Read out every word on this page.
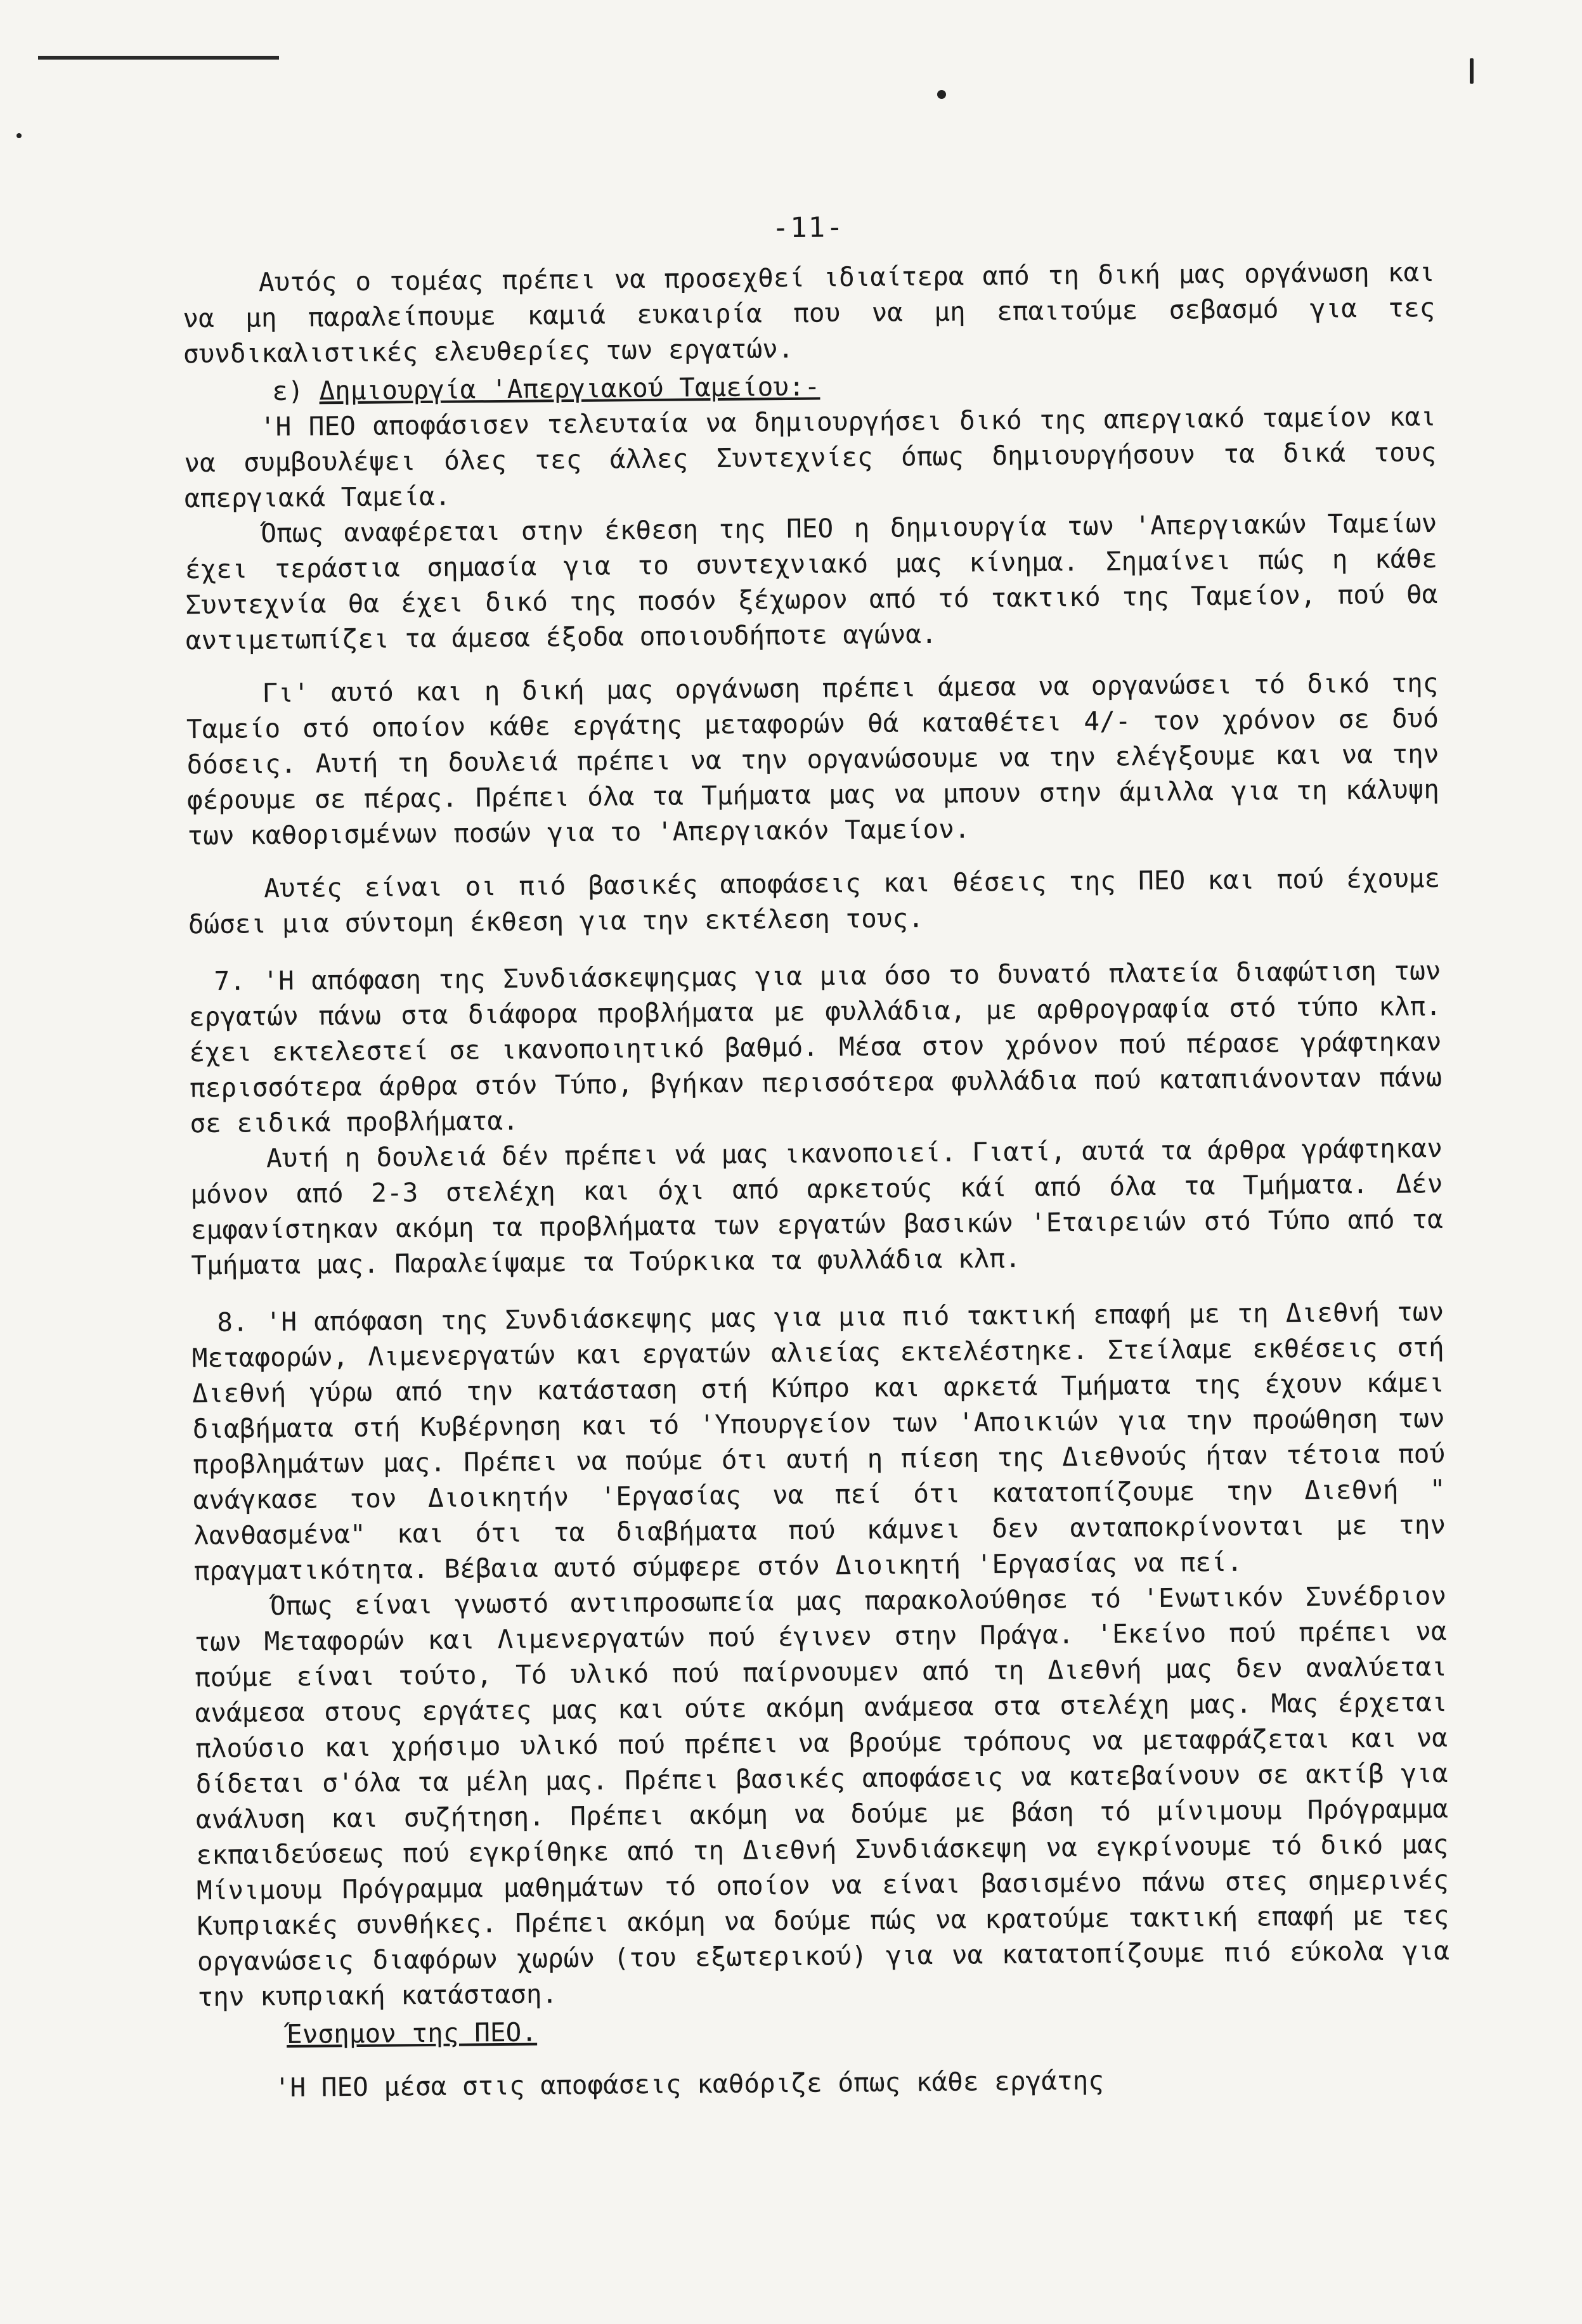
-11-

Αυτός ο τομέας πρέπει να προσεχθεί ιδιαίτερα από τη δική μας οργάνωση και να μη παραλείπουμε καμιά ευκαιρία που να μη επαιτούμε σεβασμό για τες συνδικαλιστικές ελευθερίες των εργατών.

ε) Δημιουργία 'Απεργιακού Ταμείου:-

'Η ΠΕΟ αποφάσισεν τελευταία να δημιουργήσει δικό της απεργιακό ταμείον και να συμβουλέψει όλες τες άλλες Συντεχνίες όπως δημιουργήσουν τα δικά τους απεργιακά Ταμεία.

Όπως αναφέρεται στην έκθεση της ΠΕΟ η δημιουργία των 'Απεργιακών Ταμείων έχει τεράστια σημασία για το συντεχνιακό μας κίνημα. Σημαίνει πώς η κάθε Συντεχνία θα έχει δικό της ποσόν ξέχωρον από τό τακτικό της Ταμείον, πού θα αντιμετωπίζει τα άμεσα έξοδα οποιουδήποτε αγώνα.

Γι' αυτό και η δική μας οργάνωση πρέπει άμεσα να οργανώσει τό δικό της Ταμείο στό οποίον κάθε εργάτης μεταφορών θά καταθέτει 4/- τον χρόνον σε δυό δόσεις. Αυτή τη δουλειά πρέπει να την οργανώσουμε να την ελέγξουμε και να την φέρουμε σε πέρας. Πρέπει όλα τα Τμήματα μας να μπουν στην άμιλλα για τη κάλυψη των καθορισμένων ποσών για το 'Απεργιακόν Ταμείον.

Αυτές είναι οι πιό βασικές αποφάσεις και θέσεις της ΠΕΟ και πού έχουμε δώσει μια σύντομη έκθεση για την εκτέλεση τους.

7. 'Η απόφαση της Συνδιάσκεψηςμας για μια όσο το δυνατό πλατεία διαφώτιση των εργατών πάνω στα διάφορα προβλήματα με φυλλάδια, με αρθρογραφία στό τύπο κλπ. έχει εκτελεστεί σε ικανοποιητικό βαθμό. Μέσα στον χρόνον πού πέρασε γράφτηκαν περισσότερα άρθρα στόν Τύπο, βγήκαν περισσότερα φυλλάδια πού καταπιάνονταν πάνω σε ειδικά προβλήματα.

Αυτή η δουλειά δέν πρέπει νά μας ικανοποιεί. Γιατί, αυτά τα άρθρα γράφτηκαν μόνον από 2-3 στελέχη και όχι από αρκετούς κάί από όλα τα Τμήματα. Δέν εμφανίστηκαν ακόμη τα προβλήματα των εργατών βασικών 'Εταιρειών στό Τύπο από τα Τμήματα μας. Παραλείψαμε τα Τούρκικα τα φυλλάδια κλπ.

8. 'Η απόφαση της Συνδιάσκεψης μας για μια πιό τακτική επαφή με τη Διεθνή των Μεταφορών, Λιμενεργατών και εργατών αλιείας εκτελέστηκε. Στείλαμε εκθέσεις στή Διεθνή γύρω από την κατάσταση στή Κύπρο και αρκετά Τμήματα της έχουν κάμει διαβήματα στή Κυβέρνηση και τό 'Υπουργείον των 'Αποικιών για την προώθηση των προβλημάτων μας. Πρέπει να πούμε ότι αυτή η πίεση της Διεθνούς ήταν τέτοια πού ανάγκασε τον Διοικητήν 'Εργασίας να πεί ότι κατατοπίζουμε την Διεθνή " λανθασμένα" και ότι τα διαβήματα πού κάμνει δεν ανταποκρίνονται με την πραγματικότητα. Βέβαια αυτό σύμφερε στόν Διοικητή 'Εργασίας να πεί.

Όπως είναι γνωστό αντιπροσωπεία μας παρακολούθησε τό 'Ενωτικόν Συνέδριον των Μεταφορών και Λιμενεργατών πού έγινεν στην Πράγα. 'Εκείνο πού πρέπει να πούμε είναι τούτο, Τό υλικό πού παίρνουμεν από τη Διεθνή μας δεν αναλύεται ανάμεσα στους εργάτες μας και ούτε ακόμη ανάμεσα στα στελέχη μας. Μας έρχεται πλούσιο και χρήσιμο υλικό πού πρέπει να βρούμε τρόπους να μεταφράζεται και να δίδεται σ'όλα τα μέλη μας. Πρέπει βασικές αποφάσεις να κατεβαίνουν σε ακτίβ για ανάλυση και συζήτηση. Πρέπει ακόμη να δούμε με βάση τό μίνιμουμ Πρόγραμμα εκπαιδεύσεως πού εγκρίθηκε από τη Διεθνή Συνδιάσκεψη να εγκρίνουμε τό δικό μας Μίνιμουμ Πρόγραμμα μαθημάτων τό οποίον να είναι βασισμένο πάνω στες σημερινές Κυπριακές συνθήκες. Πρέπει ακόμη να δούμε πώς να κρατούμε τακτική επαφή με τες οργανώσεις διαφόρων χωρών (του εξωτερικού) για να κατατοπίζουμε πιό εύκολα για την κυπριακή κατάσταση.

Ένσημον της ΠΕΟ.

'Η ΠΕΟ μέσα στις αποφάσεις καθόριζε όπως κάθε εργάτης
